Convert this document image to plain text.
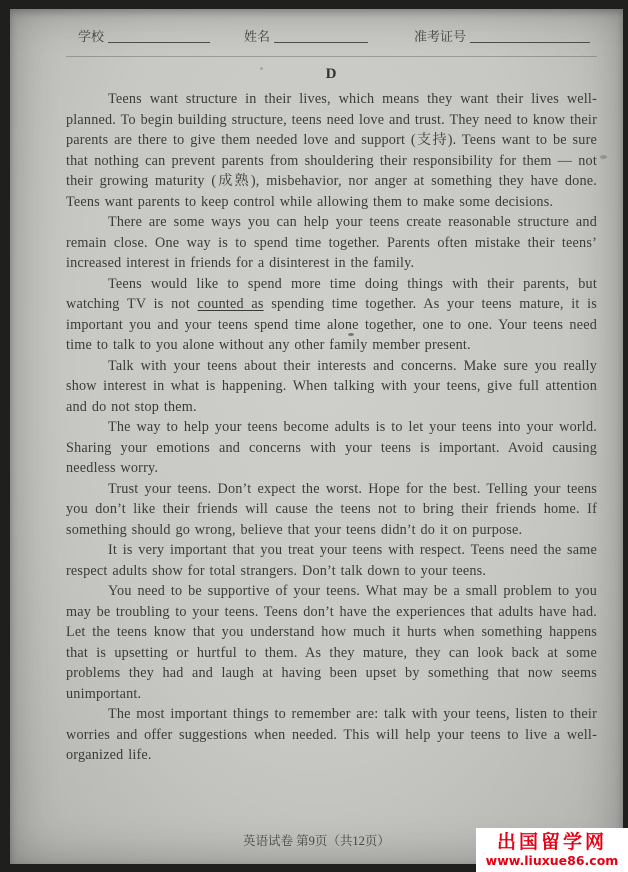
学校	姓名	准考证号
D

Teens want structure in their lives, which means they want their lives well-planned. To begin building structure, teens need love and trust. They need to know their parents are there to give them needed love and support (支持). Teens want to be sure that nothing can prevent parents from shouldering their responsibility for them — not their growing maturity (成熟), misbehavior, nor anger at something they have done. Teens want parents to keep control while allowing them to make some decisions.

There are some ways you can help your teens create reasonable structure and remain close. One way is to spend time together. Parents often mistake their teens’ increased interest in friends for a disinterest in the family.

Teens would like to spend more time doing things with their parents, but watching TV is not counted as spending time together. As your teens mature, it is important you and your teens spend time alone together, one to one. Your teens need time to talk to you alone without any other family member present.

Talk with your teens about their interests and concerns. Make sure you really show interest in what is happening. When talking with your teens, give full attention and do not stop them.

The way to help your teens become adults is to let your teens into your world. Sharing your emotions and concerns with your teens is important. Avoid causing needless worry.

Trust your teens. Don’t expect the worst. Hope for the best. Telling your teens you don’t like their friends will cause the teens not to bring their friends home. If something should go wrong, believe that your teens didn’t do it on purpose.

It is very important that you treat your teens with respect. Teens need the same respect adults show for total strangers. Don’t talk down to your teens.

You need to be supportive of your teens. What may be a small problem to you may be troubling to your teens. Teens don’t have the experiences that adults have had. Let the teens know that you understand how much it hurts when something happens that is upsetting or hurtful to them. As they mature, they can look back at some problems they had and laugh at having been upset by something that now seems unimportant.

The most important things to remember are: talk with your teens, listen to their worries and offer suggestions when needed. This will help your teens to live a well-organized life.

英语试卷 第9页（共12页）	出国留学网
www.liuxue86.com
